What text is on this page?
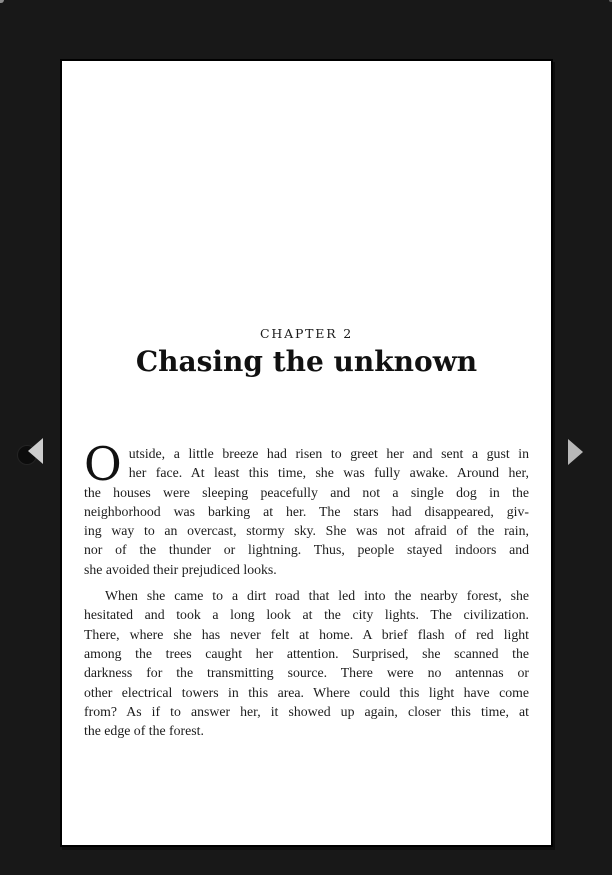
CHAPTER 2
Chasing the unknown
O utside, a little breeze had risen to greet her and sent a gust in
her face. At least this time, she was fully awake. Around her,
the houses were sleeping peacefully and not a single dog in the
neighborhood was barking at her. The stars had disappeared, giv-
ing way to an overcast, stormy sky. She was not afraid of the rain,
nor of the thunder or lightning. Thus, people stayed indoors and
she avoided their prejudiced looks.
When she came to a dirt road that led into the nearby forest, she
hesitated and took a long look at the city lights. The civilization.
There, where she has never felt at home. A brief flash of red light
among the trees caught her attention. Surprised, she scanned the
darkness for the transmitting source. There were no antennas or
other electrical towers in this area. Where could this light have come
from? As if to answer her, it showed up again, closer this time, at
the edge of the forest.
